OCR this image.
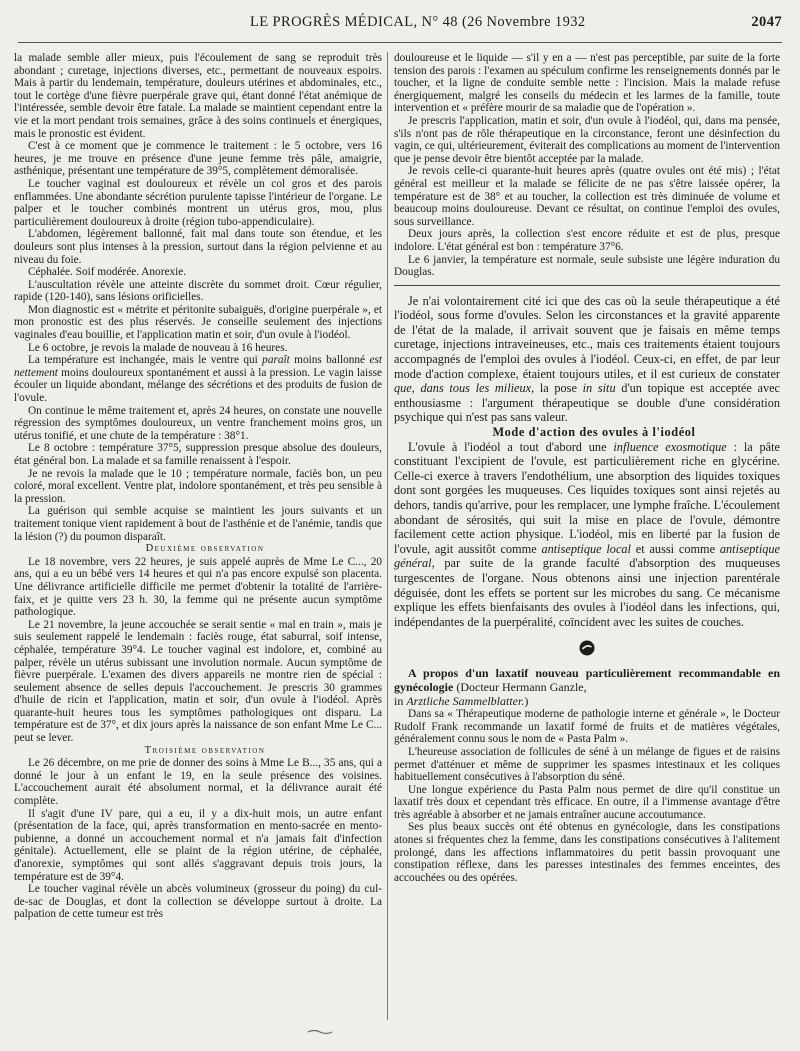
LE PROGRÈS MÉDICAL, N° 48 (26 Novembre 1932	2047

la malade semble aller mieux, puis l'écoulement de sang se reproduit très abondant ; curetage, injections diverses, etc., permettant de nouveaux espoirs. Mais à partir du lendemain, température, douleurs utérines et abdominales, etc., tout le cortège d'une fièvre puerpérale grave qui, étant donné l'état anémique de l'intéressée, semble devoir être fatale. La malade se maintient cependant entre la vie et la mort pendant trois semaines, grâce à des soins continuels et énergiques, mais le pronostic est évident.

C'est à ce moment que je commence le traitement : le 5 octobre, vers 16 heures, je me trouve en présence d'une jeune femme très pâle, amaigrie, asthénique, présentant une température de 39°5, complètement démoralisée.

Le toucher vaginal est douloureux et révèle un col gros et des parois enflammées. Une abondante sécrétion purulente tapisse l'intérieur de l'organe. Le palper et le toucher combinés montrent un utérus gros, mou, plus particulièrement douloureux à droite (région tubo-appendiculaire).

L'abdomen, légèrement ballonné, fait mal dans toute son étendue, et les douleurs sont plus intenses à la pression, surtout dans la région pelvienne et au niveau du foie.

Céphalée. Soif modérée. Anorexie.

L'auscultation révèle une atteinte discrète du sommet droit. Cœur régulier, rapide (120-140), sans lésions orificielles.

Mon diagnostic est « métrite et péritonite subaiguës, d'origine puerpérale », et mon pronostic est des plus réservés. Je conseille seulement des injections vaginales d'eau bouillie, et l'application matin et soir, d'un ovule à l'iodéol.

Le 6 octobre, je revois la malade de nouveau à 16 heures.

La température est inchangée, mais le ventre qui paraît moins ballonné est nettement moins douloureux spontanément et aussi à la pression. Le vagin laisse écouler un liquide abondant, mélange des sécrétions et des produits de fusion de l'ovule.

On continue le même traitement et, après 24 heures, on constate une nouvelle régression des symptômes douloureux, un ventre franchement moins gros, un utérus tonifié, et une chute de la température : 38°1.

Le 8 octobre : température 37°5, suppression presque absolue des douleurs, état général bon. La malade et sa famille renaissent à l'espoir.

Je ne revois la malade que le 10 ; température normale, faciès bon, un peu coloré, moral excellent. Ventre plat, indolore spontanément, et très peu sensible à la pression.

La guérison qui semble acquise se maintient les jours suivants et un traitement tonique vient rapidement à bout de l'asthénie et de l'anémie, tandis que la lésion (?) du poumon disparaît.

Deuxième observation

Le 18 novembre, vers 22 heures, je suis appelé auprès de Mme Le C..., 20 ans, qui a eu un bébé vers 14 heures et qui n'a pas encore expulsé son placenta. Une délivrance artificielle difficile me permet d'obtenir la totalité de l'arrière-faix, et je quitte vers 23 h. 30, la femme qui ne présente aucun symptôme pathologique.

Le 21 novembre, la jeune accouchée se serait sentie « mal en train », mais je suis seulement rappelé le lendemain : faciès rouge, état saburral, soif intense, céphalée, température 39°4. Le toucher vaginal est indolore, et, combiné au palper, révèle un utérus subissant une involution normale. Aucun symptôme de fièvre puerpérale. L'examen des divers appareils ne montre rien de spécial : seulement absence de selles depuis l'accouchement. Je prescris 30 grammes d'huile de ricin et l'application, matin et soir, d'un ovule à l'iodéol. Après quarante-huit heures tous les symptômes pathologiques ont disparu. La température est de 37°, et dix jours après la naissance de son enfant Mme Le C... peut se lever.

Troisième observation

Le 26 décembre, on me prie de donner des soins à Mme Le B..., 35 ans, qui a donné le jour à un enfant le 19, en la seule présence des voisines. L'accouchement aurait été absolument normal, et la délivrance aurait été complète.

Il s'agit d'une IV pare, qui a eu, il y a dix-huit mois, un autre enfant (présentation de la face, qui, après transformation en mento-sacrée en mento-pubienne, a donné un accouchement normal et n'a jamais fait d'infection génitale). Actuellement, elle se plaint de la région utérine, de céphalée, d'anorexie, symptômes qui sont allés s'aggravant depuis trois jours, la température est de 39°4.

Le toucher vaginal révèle un abcès volumineux (grosseur du poing) du cul-de-sac de Douglas, et dont la collection se développe surtout à droite. La palpation de cette tumeur est très

douloureuse et le liquide — s'il y en a — n'est pas perceptible, par suite de la forte tension des parois : l'examen au spéculum confirme les renseignements donnés par le toucher, et la ligne de conduite semble nette : l'incision. Mais la malade refuse énergiquement, malgré les conseils du médecin et les larmes de la famille, toute intervention et « préfère mourir de sa maladie que de l'opération ».

Je prescris l'application, matin et soir, d'un ovule à l'iodéol, qui, dans ma pensée, s'ils n'ont pas de rôle thérapeutique en la circonstance, feront une désinfection du vagin, ce qui, ultérieurement, éviterait des complications au moment de l'intervention que je pense devoir être bientôt acceptée par la malade.

Je revois celle-ci quarante-huit heures après (quatre ovules ont été mis) ; l'état général est meilleur et la malade se félicite de ne pas s'être laissée opérer, la température est de 38° et au toucher, la collection est très diminuée de volume et beaucoup moins douloureuse. Devant ce résultat, on continue l'emploi des ovules, sous surveillance.

Deux jours après, la collection s'est encore réduite et est de plus, presque indolore. L'état général est bon : température 37°6.

Le 6 janvier, la température est normale, seule subsiste une légère induration du Douglas.

Je n'ai volontairement cité ici que des cas où la seule thérapeutique a été l'iodéol, sous forme d'ovules. Selon les circonstances et la gravité apparente de l'état de la malade, il arrivait souvent que je faisais en même temps curetage, injections intraveineuses, etc., mais ces traitements étaient toujours accompagnés de l'emploi des ovules à l'iodéol. Ceux-ci, en effet, de par leur mode d'action complexe, étaient toujours utiles, et il est curieux de constater que, dans tous les milieux, la pose in situ d'un topique est acceptée avec enthousiasme : l'argument thérapeutique se double d'une considération psychique qui n'est pas sans valeur.

Mode d'action des ovules à l'iodéol

L'ovule à l'iodéol a tout d'abord une influence exosmotique : la pâte constituant l'excipient de l'ovule, est particulièrement riche en glycérine. Celle-ci exerce à travers l'endothélium, une absorption des liquides toxiques dont sont gorgées les muqueuses. Ces liquides toxiques sont ainsi rejetés au dehors, tandis qu'arrive, pour les remplacer, une lymphe fraîche. L'écoulement abondant de sérosités, qui suit la mise en place de l'ovule, démontre facilement cette action physique. L'iodéol, mis en liberté par la fusion de l'ovule, agit aussitôt comme antiseptique local et aussi comme antiseptique général, par suite de la grande faculté d'absorption des muqueuses turgescentes de l'organe. Nous obtenons ainsi une injection parentérale déguisée, dont les effets se portent sur les microbes du sang. Ce mécanisme explique les effets bienfaisants des ovules à l'iodéol dans les infections, qui, indépendantes de la puerpéralité, coïncident avec les suites de couches.

A propos d'un laxatif nouveau particulièrement recommandable en gynécologie (Docteur Hermann Ganzle,
in Arztliche Sammelblatter.)

Dans sa « Thérapeutique moderne de pathologie interne et générale », le Docteur Rudolf Frank recommande un laxatif formé de fruits et de matières végétales, généralement connu sous le nom de « Pasta Palm ».

L'heureuse association de follicules de séné à un mélange de figues et de raisins permet d'atténuer et même de supprimer les spasmes intestinaux et les coliques habituellement consécutives à l'absorption du séné.

Une longue expérience du Pasta Palm nous permet de dire qu'il constitue un laxatif très doux et cependant très efficace. En outre, il a l'immense avantage d'être très agréable à absorber et ne jamais entraîner aucune accoutumance.

Ses plus beaux succès ont été obtenus en gynécologie, dans les constipations atones si fréquentes chez la femme, dans les constipations consécutives à l'alitement prolongé, dans les affections inflammatoires du petit bassin provoquant une constipation réflexe, dans les paresses intestinales des femmes enceintes, des accouchées ou des opérées.
